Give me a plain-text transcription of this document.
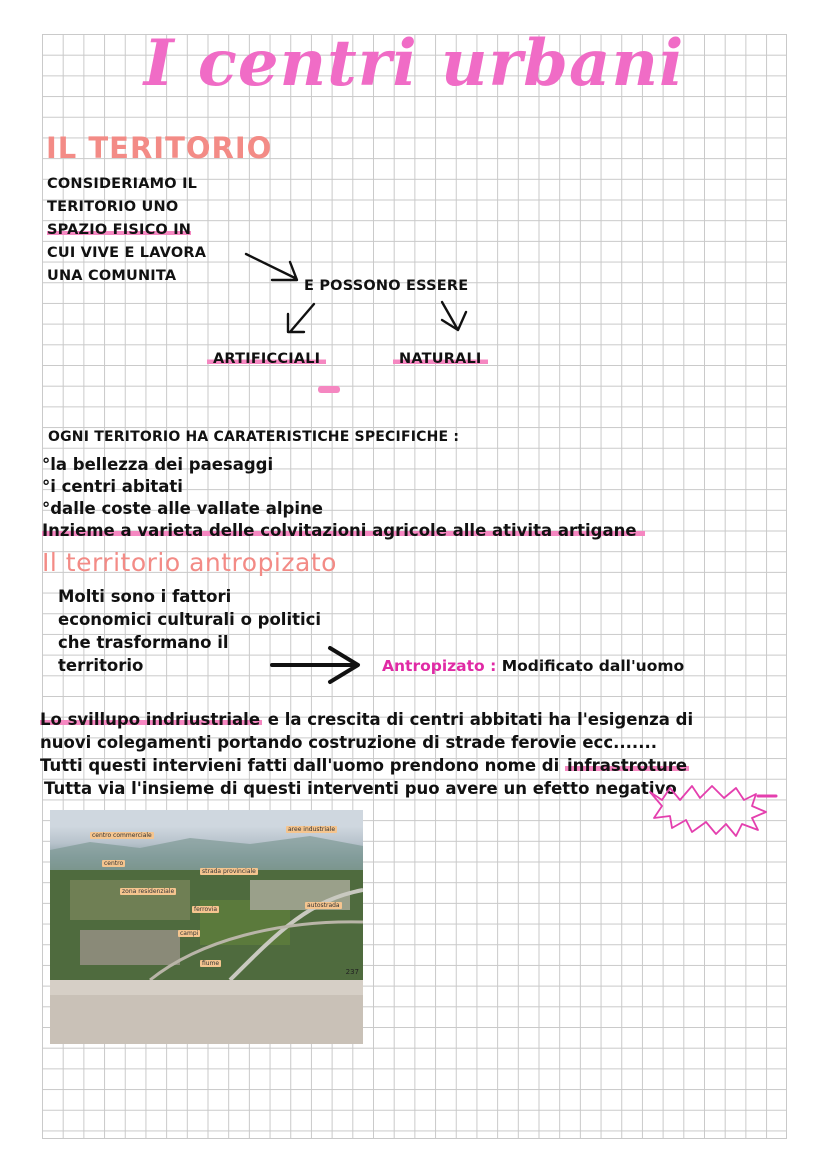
I centri urbani
IL TERITORIO
CONSIDERIAMO IL
TERITORIO UNO
SPAZIO FISICO IN
CUI VIVE E LAVORA
UNA COMUNITA
E POSSONO ESSERE
ARTIFICCIALI	NATURALI
OGNI TERITORIO HA CARATERISTICHE SPECIFICHE :
°la bellezza dei paesaggi
°i centri abitati
°dalle coste alle vallate alpine
Inzieme a varieta delle colvitazioni agricole alle ativita artigane
Il territorio antropizato
Molti sono i fattori
economici culturali o politici
che trasformano il
territorio	Antropizato : Modificato dall'uomo
Lo svillupo indriustriale e la crescita di centri abbitati ha l'esigenza di
nuovi colegamenti portando costruzione di strade ferovie ecc.......
Tutti questi intervieni fatti dall'uomo prendono nome di infrastroture
Tutta via l'insieme di questi interventi puo avere un efetto negativo
centro commerciale
aree industriale
centro
strada provinciale
ferrovia
autostrada
campi
zona residenziale
fiume
237
